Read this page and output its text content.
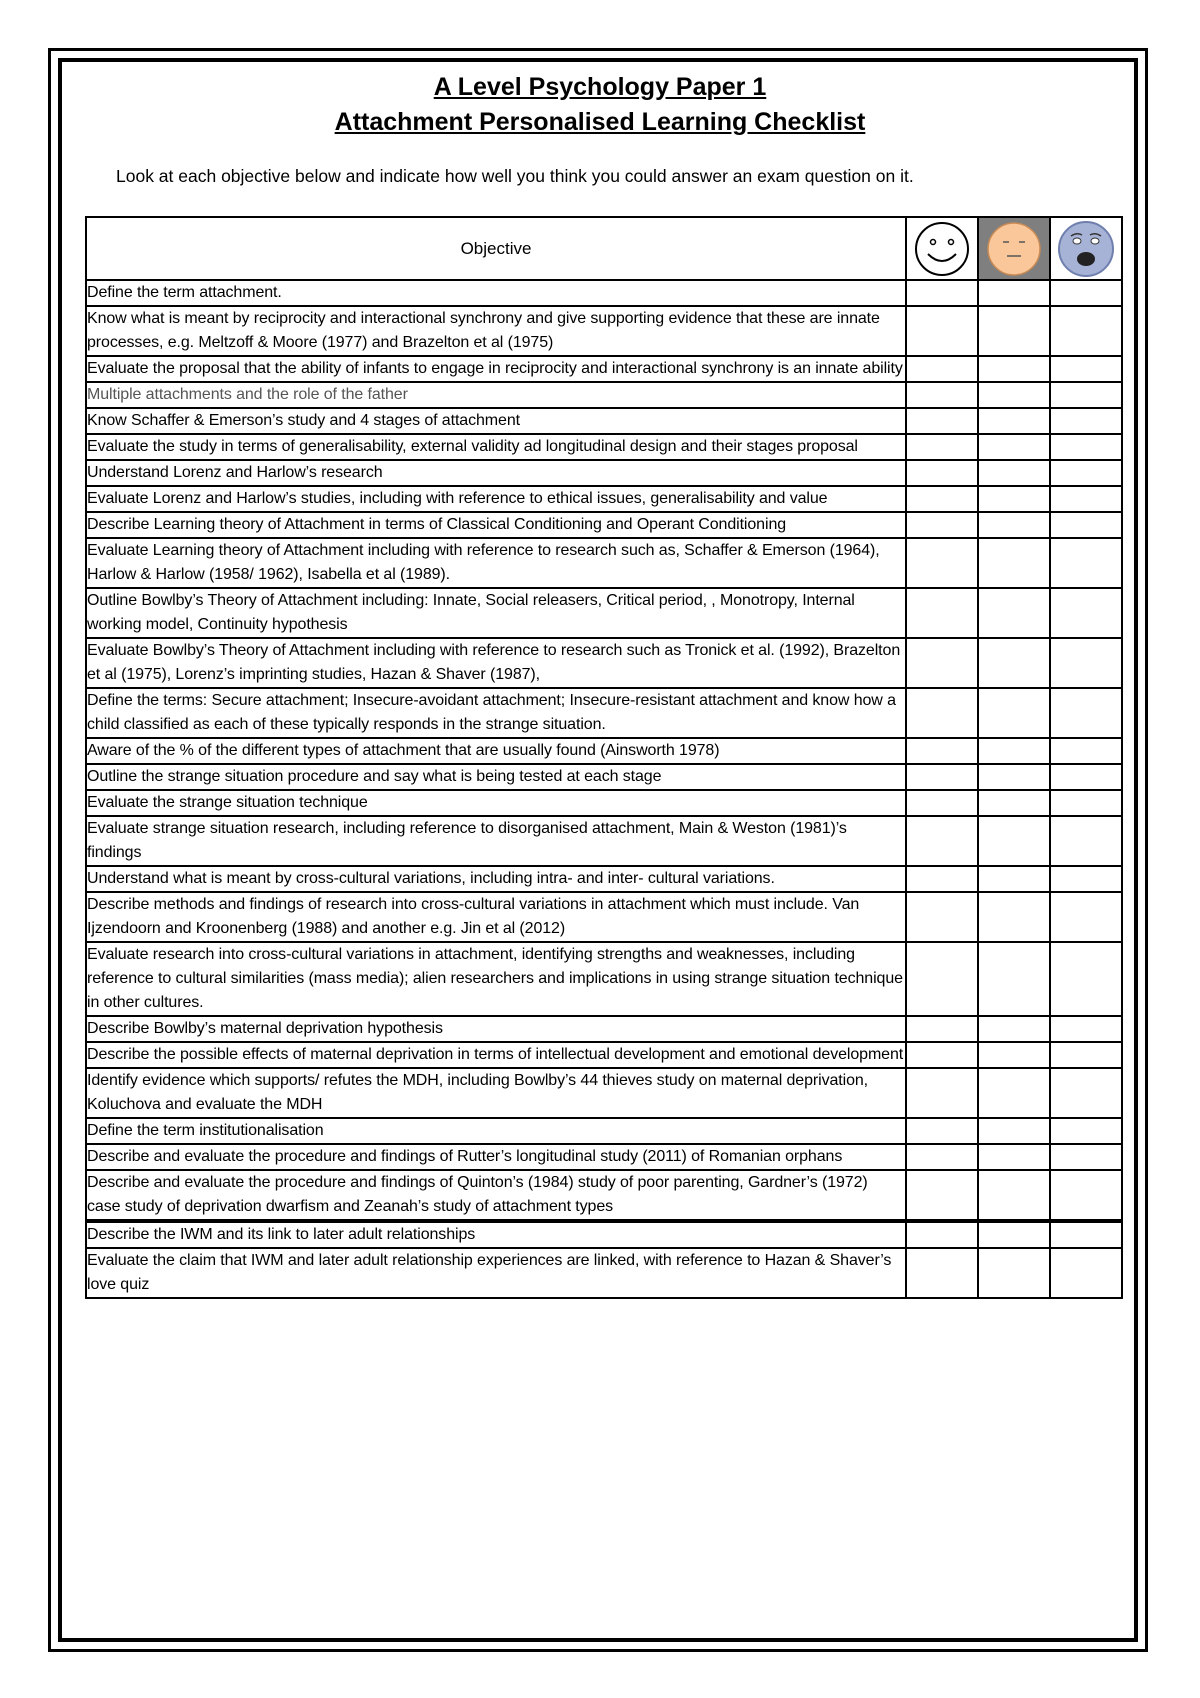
A Level Psychology Paper 1
Attachment Personalised Learning Checklist

Look at each objective below and indicate how well you think you could answer an exam question on it.

Objective	

Define the term attachment.			
Know what is meant by reciprocity and interactional synchrony and give supporting evidence that these are innate processes, e.g. Meltzoff & Moore (1977) and Brazelton et al (1975)			
Evaluate the proposal that the ability of infants to engage in reciprocity and interactional synchrony is an innate ability			
Multiple attachments and the role of the father			
Know Schaffer & Emerson’s study and 4 stages of attachment			
Evaluate the study in terms of generalisability, external validity ad longitudinal design and their stages proposal			
Understand Lorenz and Harlow’s research			
Evaluate Lorenz and Harlow’s studies, including with reference to ethical issues, generalisability and value			
Describe Learning theory of Attachment in terms of Classical Conditioning and Operant Conditioning			
Evaluate Learning theory of Attachment including with reference to research such as, Schaffer & Emerson (1964), Harlow & Harlow (1958/ 1962), Isabella et al (1989).			
Outline Bowlby’s Theory of Attachment including: Innate, Social releasers, Critical period, , Monotropy, Internal working model, Continuity hypothesis			
Evaluate Bowlby’s Theory of Attachment including with reference to research such as Tronick et al. (1992), Brazelton et al (1975), Lorenz’s imprinting studies, Hazan & Shaver (1987),			
Define the terms: Secure attachment; Insecure-avoidant attachment; Insecure-resistant attachment and know how a child classified as each of these typically responds in the strange situation.			
Aware of the % of the different types of attachment that are usually found (Ainsworth 1978)			
Outline the strange situation procedure and say what is being tested at each stage			
Evaluate the strange situation technique			
Evaluate strange situation research, including reference to disorganised attachment, Main & Weston (1981)’s findings			
Understand what is meant by cross-cultural variations, including intra- and inter- cultural variations.			
Describe methods and findings of research into cross-cultural variations in attachment which must include. Van Ijzendoorn and Kroonenberg (1988) and another e.g. Jin et al (2012)			
Evaluate research into cross-cultural variations in attachment, identifying strengths and weaknesses, including reference to cultural similarities (mass media); alien researchers and implications in using strange situation technique in other cultures.			
Describe Bowlby’s maternal deprivation hypothesis			
Describe the possible effects of maternal deprivation in terms of intellectual development and emotional development			
Identify evidence which supports/ refutes the MDH, including Bowlby’s 44 thieves study on maternal deprivation, Koluchova and evaluate the MDH			
Define the term institutionalisation			
Describe and evaluate the procedure and findings of Rutter’s longitudinal study (2011) of Romanian orphans			
Describe and evaluate the procedure and findings of Quinton’s (1984) study of poor parenting, Gardner’s (1972) case study of deprivation dwarfism and Zeanah’s study of attachment types			
Describe the IWM and its link to later adult relationships			
Evaluate the claim that IWM and later adult relationship experiences are linked, with reference to Hazan & Shaver’s love quiz			
